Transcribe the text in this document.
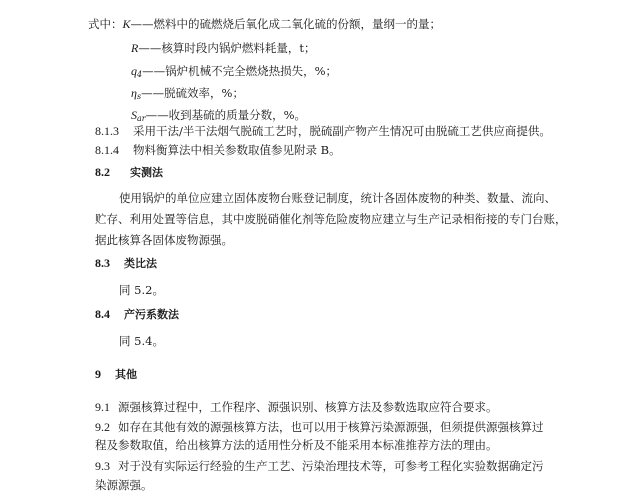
式中：K——燃料中的硫燃烧后氧化成二氧化硫的份额，量纲一的量；
R——核算时段内锅炉燃料耗量，t；
$q_4——$锅炉机械不完全燃烧热损失，%；
$\eta_s——$脱硫效率，%；
$S_{ar}——$收到基硫的质量分数，%。
8.1.3 采用干法/半干法烟气脱硫工艺时，脱硫副产物产生情况可由脱硫工艺供应商提供。
8.1.4 物料衡算法中相关参数取值参见附录 B。
8.2 实测法
使用锅炉的单位应建立固体废物台账登记制度，统计各固体废物的种类、数量、流向、
贮存、利用处置等信息，其中废脱硝催化剂等危险废物应建立与生产记录相衔接的专门台账，
据此核算各固体废物源强。
8.3 类比法
同 5.2。
8.4 产污系数法
同 5.4。
9 其他
9.1 源强核算过程中，工作程序、源强识别、核算方法及参数选取应符合要求。
9.2 如存在其他有效的源强核算方法，也可以用于核算污染源源强，但须提供源强核算过
程及参数取值，给出核算方法的适用性分析及不能采用本标准推荐方法的理由。
9.3 对于没有实际运行经验的生产工艺、污染治理技术等，可参考工程化实验数据确定污
染源源强。
